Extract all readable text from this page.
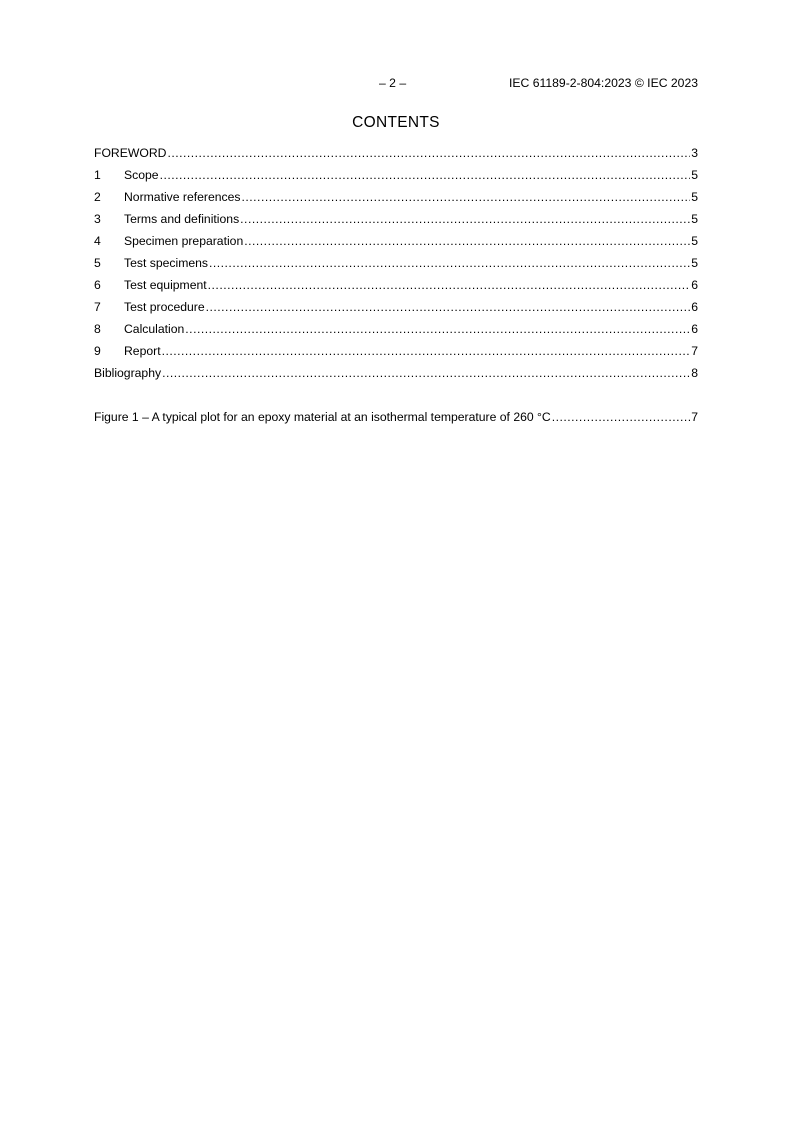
– 2 –	IEC 61189-2-804:2023 © IEC 2023
CONTENTS
FOREWORD .....	3
1	Scope .....	5
2	Normative references .....	5
3	Terms and definitions .....	5
4	Specimen preparation .....	5
5	Test specimens .....	5
6	Test equipment .....	6
7	Test procedure .....	6
8	Calculation .....	6
9	Report .....	7
Bibliography .....	8
Figure 1 – A typical plot for an epoxy material at an isothermal temperature of 260 °C .....	7
